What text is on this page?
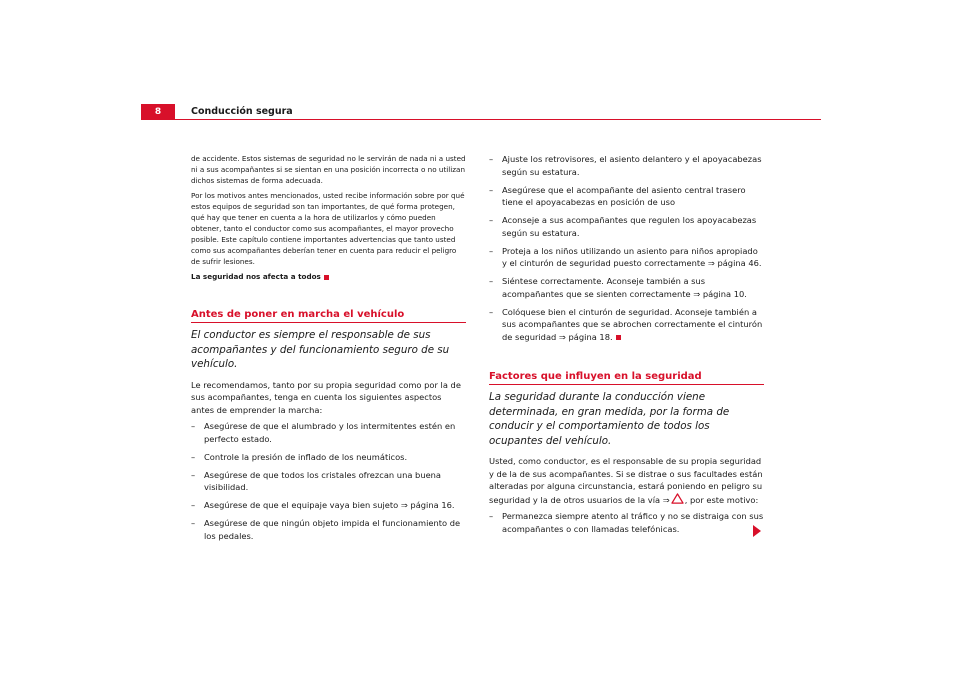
8	Conducción segura

de accidente. Estos sistemas de seguridad no le servirán de nada ni a usted ni a sus acompañantes si se sientan en una posición incorrecta o no utilizan dichos sistemas de forma adecuada.

Por los motivos antes mencionados, usted recibe información sobre por qué estos equipos de seguridad son tan importantes, de qué forma protegen, qué hay que tener en cuenta a la hora de utilizarlos y cómo pueden obtener, tanto el conductor como sus acompañantes, el mayor provecho posible. Este capítulo contiene importantes advertencias que tanto usted como sus acompañantes deberían tener en cuenta para reducir el peligro de sufrir lesiones.

La seguridad nos afecta a todos

Antes de poner en marcha el vehículo

El conductor es siempre el responsable de sus acompañantes y del funcionamiento seguro de su vehículo.

Le recomendamos, tanto por su propia seguridad como por la de sus acompañantes, tenga en cuenta los siguientes aspectos antes de emprender la marcha:

– Asegúrese de que el alumbrado y los intermitentes estén en perfecto estado.
– Controle la presión de inflado de los neumáticos.
– Asegúrese de que todos los cristales ofrezcan una buena visibilidad.
– Asegúrese de que el equipaje vaya bien sujeto ⇒ página 16.
– Asegúrese de que ningún objeto impida el funcionamiento de los pedales.
– Ajuste los retrovisores, el asiento delantero y el apoyacabezas según su estatura.
– Asegúrese que el acompañante del asiento central trasero tiene el apoyacabezas en posición de uso
– Aconseje a sus acompañantes que regulen los apoyacabezas según su estatura.
– Proteja a los niños utilizando un asiento para niños apropiado y el cinturón de seguridad puesto correctamente ⇒ página 46.
– Siéntese correctamente. Aconseje también a sus acompañantes que se sienten correctamente ⇒ página 10.
– Colóquese bien el cinturón de seguridad. Aconseje también a sus acompañantes que se abrochen correctamente el cinturón de seguridad ⇒ página 18.
Factores que influyen en la seguridad

La seguridad durante la conducción viene determinada, en gran medida, por la forma de conducir y el comportamiento de todos los ocupantes del vehículo.

Usted, como conductor, es el responsable de su propia seguridad y de la de sus acompañantes. Si se distrae o sus facultades están alteradas por alguna circunstancia, estará poniendo en peligro su seguridad y la de otros usuarios de la vía ⇒ , por este motivo:

– Permanezca siempre atento al tráfico y no se distraiga con sus acompañantes o con llamadas telefónicas.
